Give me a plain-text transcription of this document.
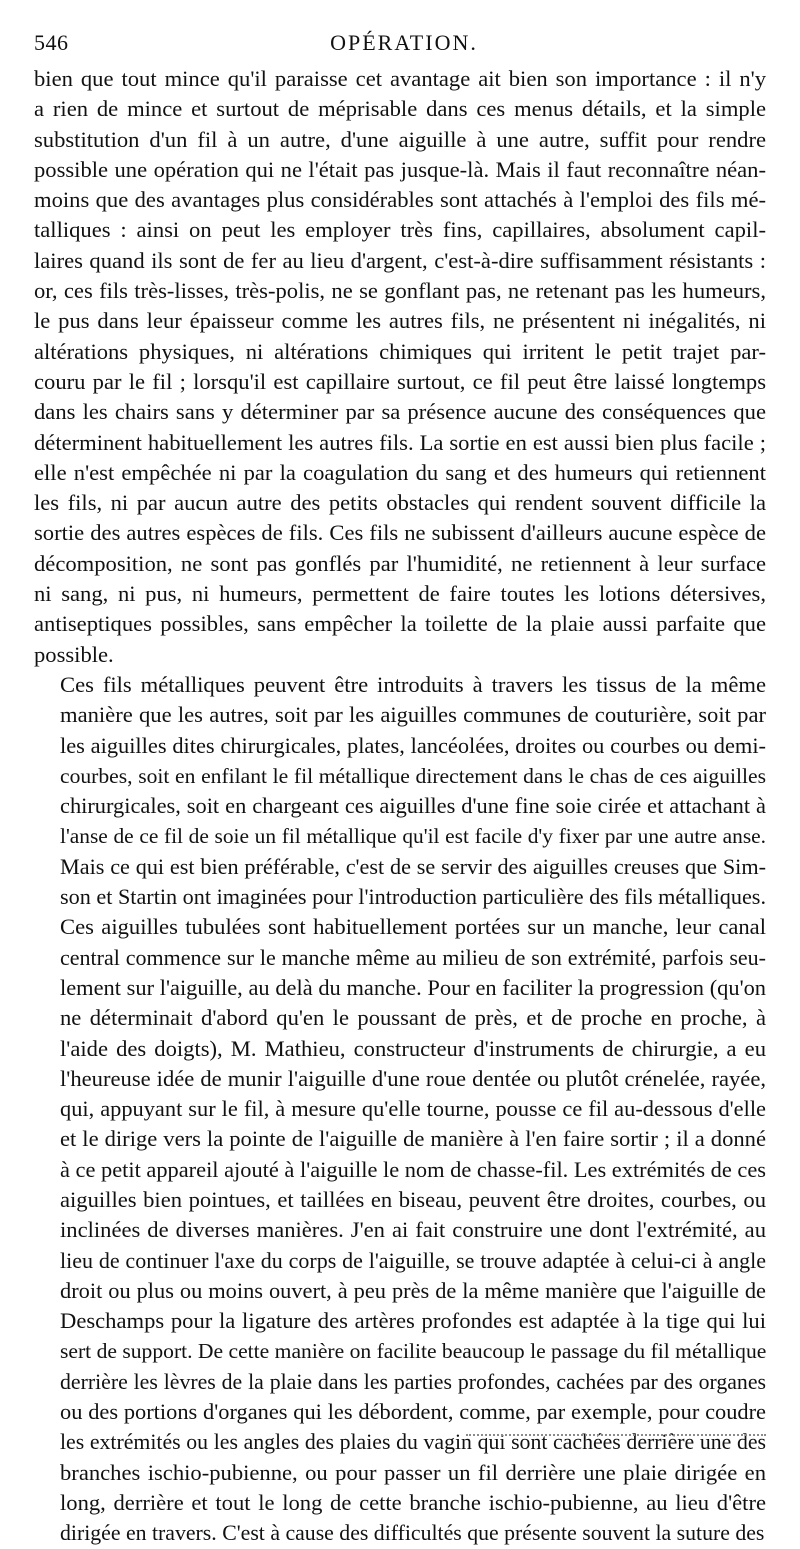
546	OPÉRATION.
bien que tout mince qu'il paraisse cet avantage ait bien son importance : il n'y
a rien de mince et surtout de méprisable dans ces menus détails, et la simple
substitution d'un fil à un autre, d'une aiguille à une autre, suffit pour rendre
possible une opération qui ne l'était pas jusque-là. Mais il faut reconnaître néan-
moins que des avantages plus considérables sont attachés à l'emploi des fils mé-
talliques : ainsi on peut les employer très fins, capillaires, absolument capil-
laires quand ils sont de fer au lieu d'argent, c'est-à-dire suffisamment résistants :
or, ces fils très-lisses, très-polis, ne se gonflant pas, ne retenant pas les humeurs,
le pus dans leur épaisseur comme les autres fils, ne présentent ni inégalités, ni
altérations physiques, ni altérations chimiques qui irritent le petit trajet par-
couru par le fil ; lorsqu'il est capillaire surtout, ce fil peut être laissé longtemps
dans les chairs sans y déterminer par sa présence aucune des conséquences que
déterminent habituellement les autres fils. La sortie en est aussi bien plus facile ;
elle n'est empêchée ni par la coagulation du sang et des humeurs qui retiennent
les fils, ni par aucun autre des petits obstacles qui rendent souvent difficile la
sortie des autres espèces de fils. Ces fils ne subissent d'ailleurs aucune espèce de
décomposition, ne sont pas gonflés par l'humidité, ne retiennent à leur surface
ni sang, ni pus, ni humeurs, permettent de faire toutes les lotions détersives,
antiseptiques possibles, sans empêcher la toilette de la plaie aussi parfaite que
possible.
Ces fils métalliques peuvent être introduits à travers les tissus de la même
manière que les autres, soit par les aiguilles communes de couturière, soit par
les aiguilles dites chirurgicales, plates, lancéolées, droites ou courbes ou demi-
courbes, soit en enfilant le fil métallique directement dans le chas de ces aiguilles
chirurgicales, soit en chargeant ces aiguilles d'une fine soie cirée et attachant à
l'anse de ce fil de soie un fil métallique qu'il est facile d'y fixer par une autre anse.
Mais ce qui est bien préférable, c'est de se servir des aiguilles creuses que Sim-
son et Startin ont imaginées pour l'introduction particulière des fils métalliques.
Ces aiguilles tubulées sont habituellement portées sur un manche, leur canal
central commence sur le manche même au milieu de son extrémité, parfois seu-
lement sur l'aiguille, au delà du manche. Pour en faciliter la progression (qu'on
ne déterminait d'abord qu'en le poussant de près, et de proche en proche, à
l'aide des doigts), M. Mathieu, constructeur d'instruments de chirurgie, a eu
l'heureuse idée de munir l'aiguille d'une roue dentée ou plutôt crénelée, rayée,
qui, appuyant sur le fil, à mesure qu'elle tourne, pousse ce fil au-dessous d'elle
et le dirige vers la pointe de l'aiguille de manière à l'en faire sortir ; il a donné
à ce petit appareil ajouté à l'aiguille le nom de chasse-fil. Les extrémités de ces
aiguilles bien pointues, et taillées en biseau, peuvent être droites, courbes, ou
inclinées de diverses manières. J'en ai fait construire une dont l'extrémité, au
lieu de continuer l'axe du corps de l'aiguille, se trouve adaptée à celui-ci à angle
droit ou plus ou moins ouvert, à peu près de la même manière que l'aiguille de
Deschamps pour la ligature des artères profondes est adaptée à la tige qui lui
sert de support. De cette manière on facilite beaucoup le passage du fil métallique
derrière les lèvres de la plaie dans les parties profondes, cachées par des organes
ou des portions d'organes qui les débordent, comme, par exemple, pour coudre
les extrémités ou les angles des plaies du vagin qui sont cachées derrière une des
branches ischio-pubienne, ou pour passer un fil derrière une plaie dirigée en
long, derrière et tout le long de cette branche ischio-pubienne, au lieu d'être
dirigée en travers. C'est à cause des difficultés que présente souvent la suture des
